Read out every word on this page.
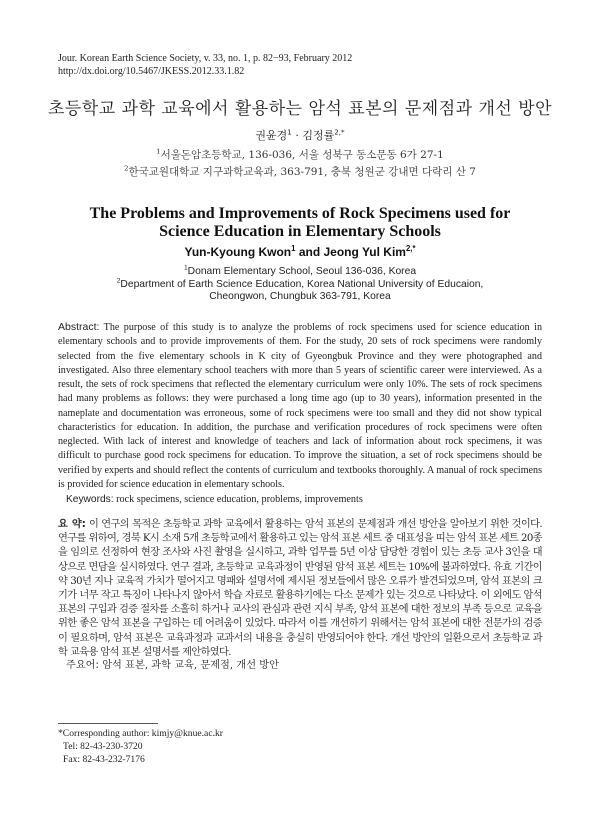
Jour. Korean Earth Science Society, v. 33, no. 1, p. 82−93, February 2012
http://dx.doi.org/10.5467/JKESS.2012.33.1.82
초등학교 과학 교육에서 활용하는 암석 표본의 문제점과 개선 방안
권윤경$^1$ · 김정률$^{2,*}$
$^1$서울돈암초등학교, 136-036, 서울 성북구 동소문동 6가 27-1
$^2$한국교원대학교 지구과학교육과, 363-791, 충북 청원군 강내면 다락리 산 7
The Problems and Improvements of Rock Specimens used for
Science Education in Elementary Schools
Yun-Kyoung Kwon$^1$ and Jeong Yul Kim$^{2,*}$
$^1$Donam Elementary School, Seoul 136-036, Korea
$^2$Department of Earth Science Education, Korea National University of Educaion,
Cheongwon, Chungbuk 363-791, Korea
Abstract: The purpose of this study is to analyze the problems of rock specimens used for science education in elementary schools and to provide improvements of them. For the study, 20 sets of rock specimens were randomly selected from the five elementary schools in K city of Gyeongbuk Province and they were photographed and investigated. Also three elementary school teachers with more than 5 years of scientific career were interviewed. As a result, the sets of rock specimens that reflected the elementary curriculum were only 10%. The sets of rock specimens had many problems as follows: they were purchased a long time ago (up to 30 years), information presented in the nameplate and documentation was erroneous, some of rock specimens were too small and they did not show typical characteristics for education. In addition, the purchase and verification procedures of rock specimens were often neglected. With lack of interest and knowledge of teachers and lack of information about rock specimens, it was difficult to purchase good rock specimens for education. To improve the situation, a set of rock specimens should be verified by experts and should reflect the contents of curriculum and textbooks thoroughly. A manual of rock specimens is provided for science education in elementary schools.
Keywords: rock specimens, science education, problems, improvements
요 약: 이 연구의 목적은 초등학교 과학 교육에서 활용하는 암석 표본의 문제점과 개선 방안을 알아보기 위한 것이다. 연구를 위하여, 경북 K시 소재 5개 초등학교에서 활용하고 있는 암석 표본 세트 중 대표성을 띠는 암석 표본 세트 20종을 임의로 선정하여 현장 조사와 사진 촬영을 실시하고, 과학 업무를 5년 이상 담당한 경험이 있는 초등 교사 3인을 대상으로 면담을 실시하였다. 연구 결과, 초등학교 교육과정이 반영된 암석 표본 세트는 10%에 불과하였다. 유효 기간이 약 30년 지나 교육적 가치가 떨어지고 명패와 설명서에 제시된 정보들에서 많은 오류가 발견되었으며, 암석 표본의 크기가 너무 작고 특징이 나타나지 않아서 학습 자료로 활용하기에는 다소 문제가 있는 것으로 나타났다. 이 외에도 암석 표본의 구입과 검증 절차를 소홀히 하거나 교사의 관심과 관련 지식 부족, 암석 표본에 대한 정보의 부족 등으로 교육을 위한 좋은 암석 표본을 구입하는 데 어려움이 있었다. 따라서 이를 개선하기 위해서는 암석 표본에 대한 전문가의 검증이 필요하며, 암석 표본은 교육과정과 교과서의 내용을 충실히 반영되어야 한다. 개선 방안의 일환으로서 초등학교 과학 교육용 암석 표본 설명서를 제안하였다.
주요어: 암석 표본, 과학 교육, 문제점, 개선 방안
*Corresponding author: kimjy@knue.ac.kr
Tel: 82-43-230-3720
Fax: 82-43-232-7176
